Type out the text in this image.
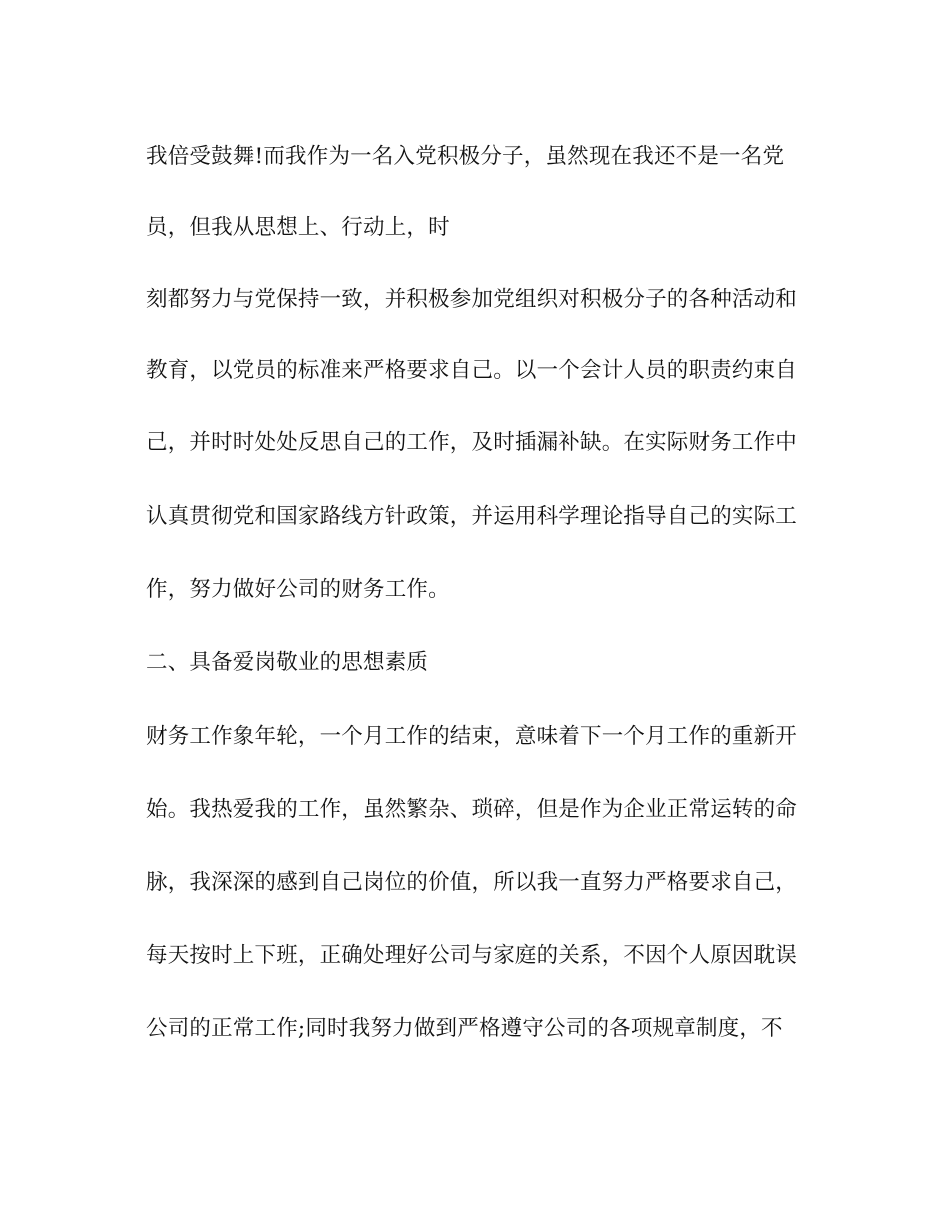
我倍受鼓舞!而我作为一名入党积极分子，虽然现在我还不是一名党
员，但我从思想上、行动上，时
刻都努力与党保持一致，并积极参加党组织对积极分子的各种活动和
教育，以党员的标准来严格要求自己。以一个会计人员的职责约束自
己，并时时处处反思自己的工作，及时插漏补缺。在实际财务工作中
认真贯彻党和国家路线方针政策，并运用科学理论指导自己的实际工
作，努力做好公司的财务工作。
二、具备爱岗敬业的思想素质
财务工作象年轮，一个月工作的结束，意味着下一个月工作的重新开
始。我热爱我的工作，虽然繁杂、琐碎，但是作为企业正常运转的命
脉，我深深的感到自己岗位的价值，所以我一直努力严格要求自己，
每天按时上下班，正确处理好公司与家庭的关系，不因个人原因耽误
公司的正常工作;同时我努力做到严格遵守公司的各项规章制度，不
